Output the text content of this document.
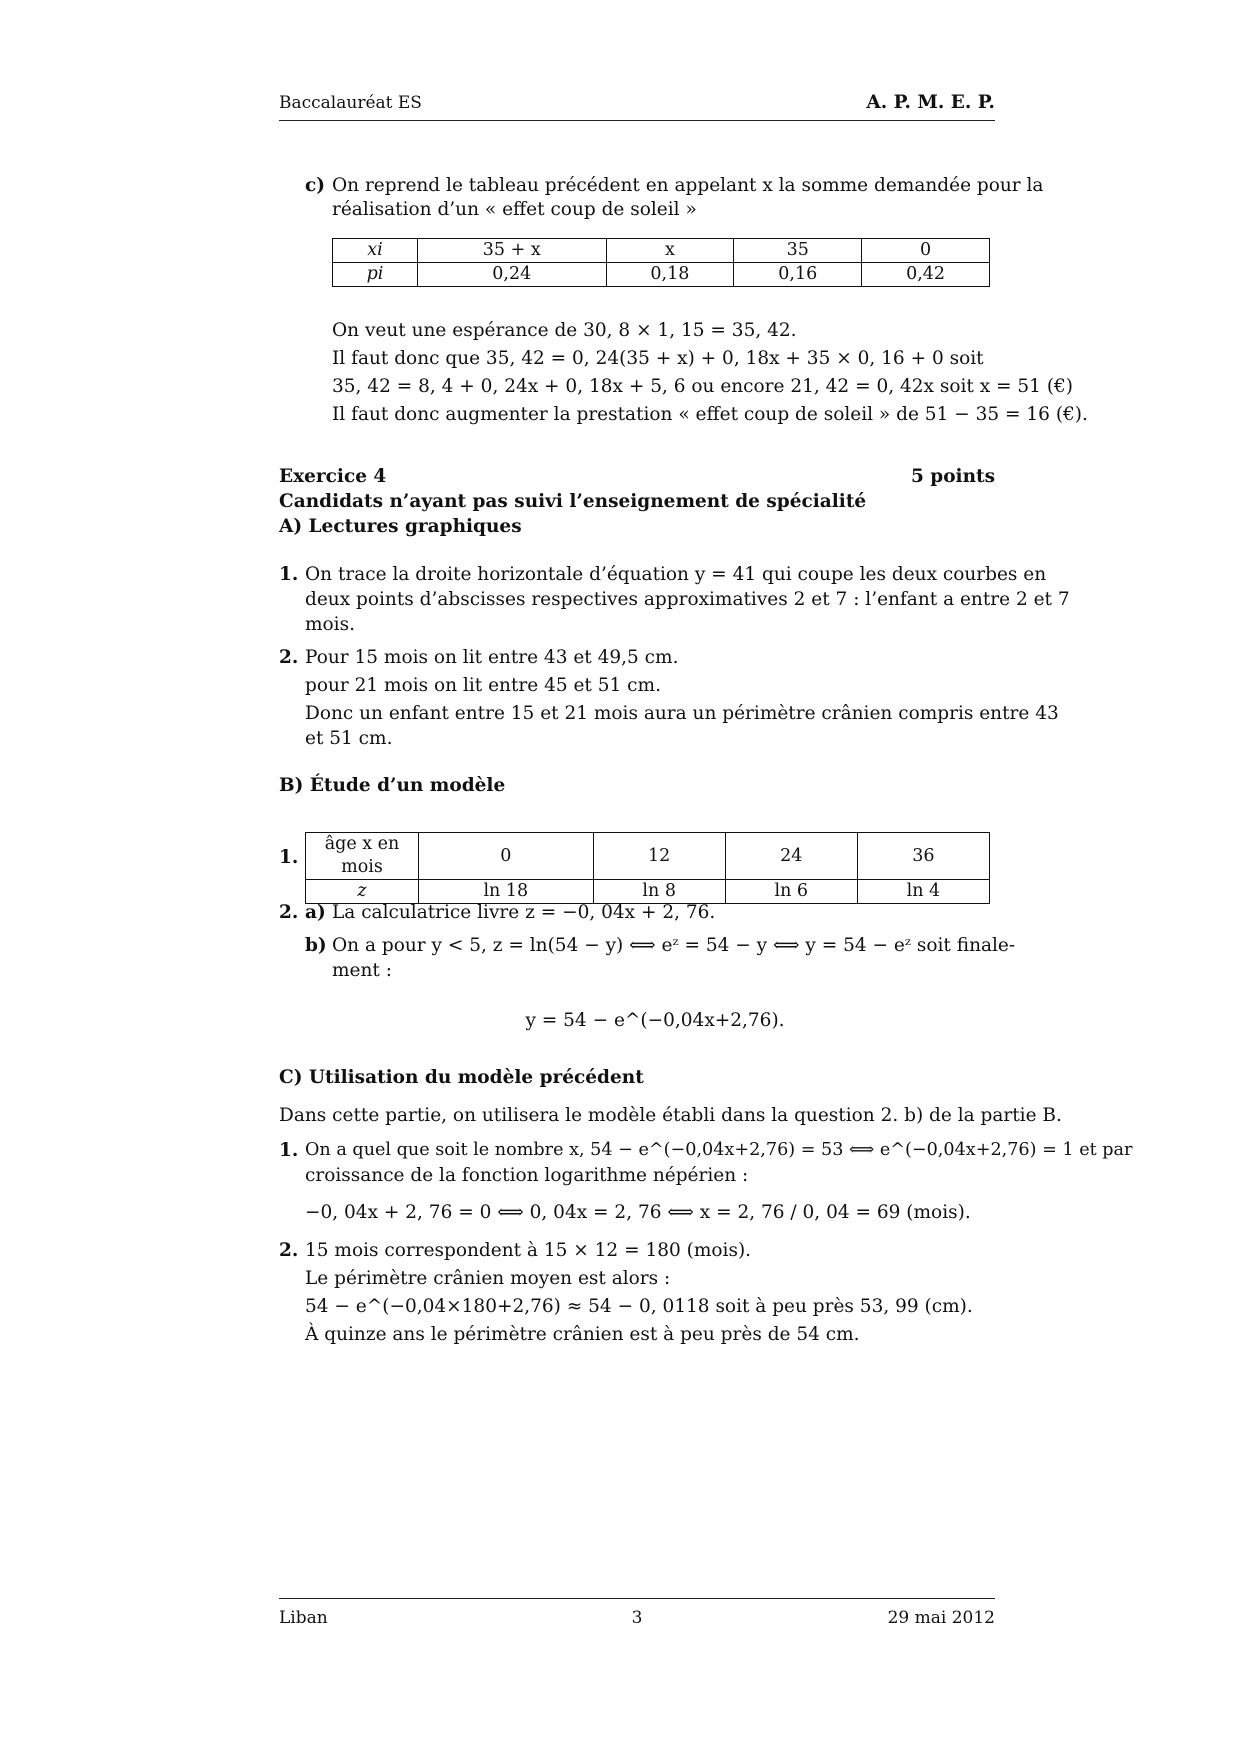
Baccalauréat ES	A. P. M. E. P.
c) On reprend le tableau précédent en appelant x la somme demandée pour la
réalisation d’un « effet coup de soleil »
xi	35 + x	x	35	0
pi	0,24	0,18	0,16	0,42
On veut une espérance de 30, 8 × 1, 15 = 35, 42.
Il faut donc que 35, 42 = 0, 24(35 + x) + 0, 18x + 35 × 0, 16 + 0 soit
35, 42 = 8, 4 + 0, 24x + 0, 18x + 5, 6 ou encore 21, 42 = 0, 42x soit x = 51 (€)
Il faut donc augmenter la prestation « effet coup de soleil » de 51 − 35 = 16 (€).
Exercice 4	5 points
Candidats n’ayant pas suivi l’enseignement de spécialité
A) Lectures graphiques
1. On trace la droite horizontale d’équation y = 41 qui coupe les deux courbes en
deux points d’abscisses respectives approximatives 2 et 7 : l’enfant a entre 2 et 7
mois.
2. Pour 15 mois on lit entre 43 et 49,5 cm.
pour 21 mois on lit entre 45 et 51 cm.
Donc un enfant entre 15 et 21 mois aura un périmètre crânien compris entre 43
et 51 cm.
B) Étude d’un modèle
1.
âge x en mois	0	12	24	36
z	ln 18	ln 8	ln 6	ln 4
2. a) La calculatrice livre z = −0, 04x + 2, 76.
b) On a pour y < 5, z = ln(54 − y) ⟺ eᶻ = 54 − y ⟺ y = 54 − eᶻ soit finale-
ment :
y = 54 − e^(−0,04x+2,76).
C) Utilisation du modèle précédent
Dans cette partie, on utilisera le modèle établi dans la question 2. b) de la partie B.
1. On a quel que soit le nombre x, 54 − e^(−0,04x+2,76) = 53 ⟺ e^(−0,04x+2,76) = 1 et par
croissance de la fonction logarithme népérien :
−0, 04x + 2, 76 = 0 ⟺ 0, 04x = 2, 76 ⟺ x = 2, 76 / 0, 04 = 69 (mois).
2. 15 mois correspondent à 15 × 12 = 180 (mois).
Le périmètre crânien moyen est alors :
54 − e^(−0,04×180+2,76) ≈ 54 − 0, 0118 soit à peu près 53, 99 (cm).
À quinze ans le périmètre crânien est à peu près de 54 cm.
Liban	3	29 mai 2012
